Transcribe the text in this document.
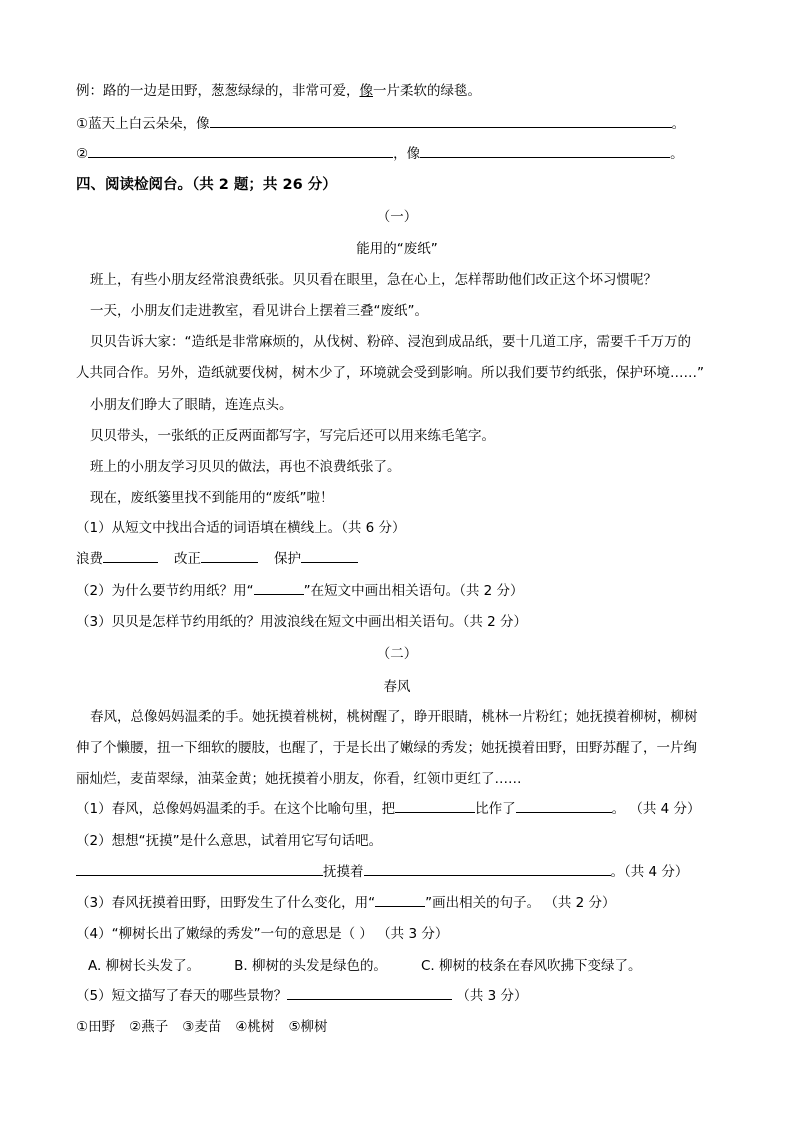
例：路的一边是田野，葱葱绿绿的，非常可爱，像一片柔软的绿毯。
①蓝天上白云朵朵，像	。
②	，像	。
四、阅读检阅台。（共 2 题；共 26 分）
（一）
能用的“废纸”
班上，有些小朋友经常浪费纸张。贝贝看在眼里，急在心上，怎样帮助他们改正这个坏习惯呢？
一天，小朋友们走进教室，看见讲台上摆着三叠“废纸”。
贝贝告诉大家：“造纸是非常麻烦的，从伐树、粉碎、浸泡到成品纸，要十几道工序，需要千千万万的
人共同合作。另外，造纸就要伐树，树木少了，环境就会受到影响。所以我们要节约纸张，保护环境……”
小朋友们睁大了眼睛，连连点头。
贝贝带头，一张纸的正反两面都写字，写完后还可以用来练毛笔字。
班上的小朋友学习贝贝的做法，再也不浪费纸张了。
现在，废纸篓里找不到能用的“废纸”啦！
（1）从短文中找出合适的词语填在横线上。（共 6 分）
浪费	改正	保护
（2）为什么要节约用纸？用“	”在短文中画出相关语句。（共 2 分）
（3）贝贝是怎样节约用纸的？用波浪线在短文中画出相关语句。（共 2 分）
（二）
春风
春风，总像妈妈温柔的手。她抚摸着桃树，桃树醒了，睁开眼睛，桃林一片粉红；她抚摸着柳树，柳树
伸了个懒腰，扭一下细软的腰肢，也醒了，于是长出了嫩绿的秀发；她抚摸着田野，田野苏醒了，一片绚
丽灿烂，麦苗翠绿，油菜金黄；她抚摸着小朋友，你看，红领巾更红了……
（1）春风，总像妈妈温柔的手。在这个比喻句里，把	比作了	。 （共 4 分）
（2）想想“抚摸”是什么意思，试着用它写句话吧。
抚摸着	。（共 4 分）
（3）春风抚摸着田野，田野发生了什么变化，用“	”画出相关的句子。 （共 2 分）
（4）“柳树长出了嫩绿的秀发”一句的意思是（ ） （共 3 分）
A. 柳树长头发了。	B. 柳树的头发是绿色的。	C. 柳树的枝条在春风吹拂下变绿了。
（5）短文描写了春天的哪些景物？	（共 3 分）
①田野 ②燕子 ③麦苗 ④桃树 ⑤柳树
